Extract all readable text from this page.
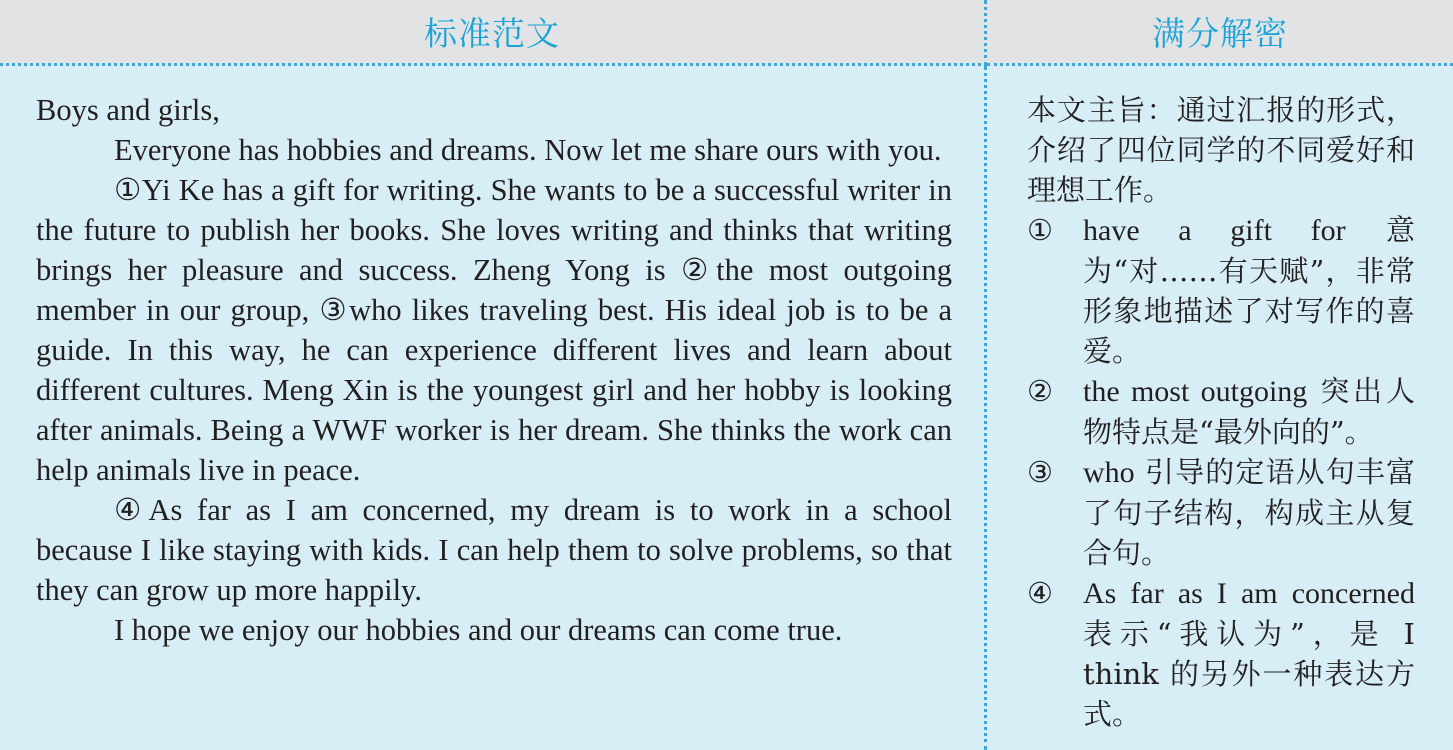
标准范文	满分解密

Boys and girls,

Everyone has hobbies and dreams. Now let me share ours with you.

①Yi Ke has a gift for writing. She wants to be a successful writer in the future to publish her books. She loves writing and thinks that writing brings her pleasure and success. Zheng Yong is ②the most outgoing member in our group, ③who likes traveling best. His ideal job is to be a guide. In this way, he can experience different lives and learn about different cultures. Meng Xin is the youngest girl and her hobby is looking after animals. Being a WWF worker is her dream. She thinks the work can help animals live in peace.

④As far as I am concerned, my dream is to work in a school because I like staying with kids. I can help them to solve problems, so that they can grow up more happily.

I hope we enjoy our hobbies and our dreams can come true.

本文主旨：通过汇报的形式，介绍了四位同学的不同爱好和理想工作。

①	have a gift for 意为“对……有天赋”，非常形象地描述了对写作的喜爱。
②	the most outgoing 突出人物特点是“最外向的”。
③	who 引导的定语从句丰富了句子结构，构成主从复合句。
④	As far as I am concerned 表示“我认为”，是 I think 的另外一种表达方式。
